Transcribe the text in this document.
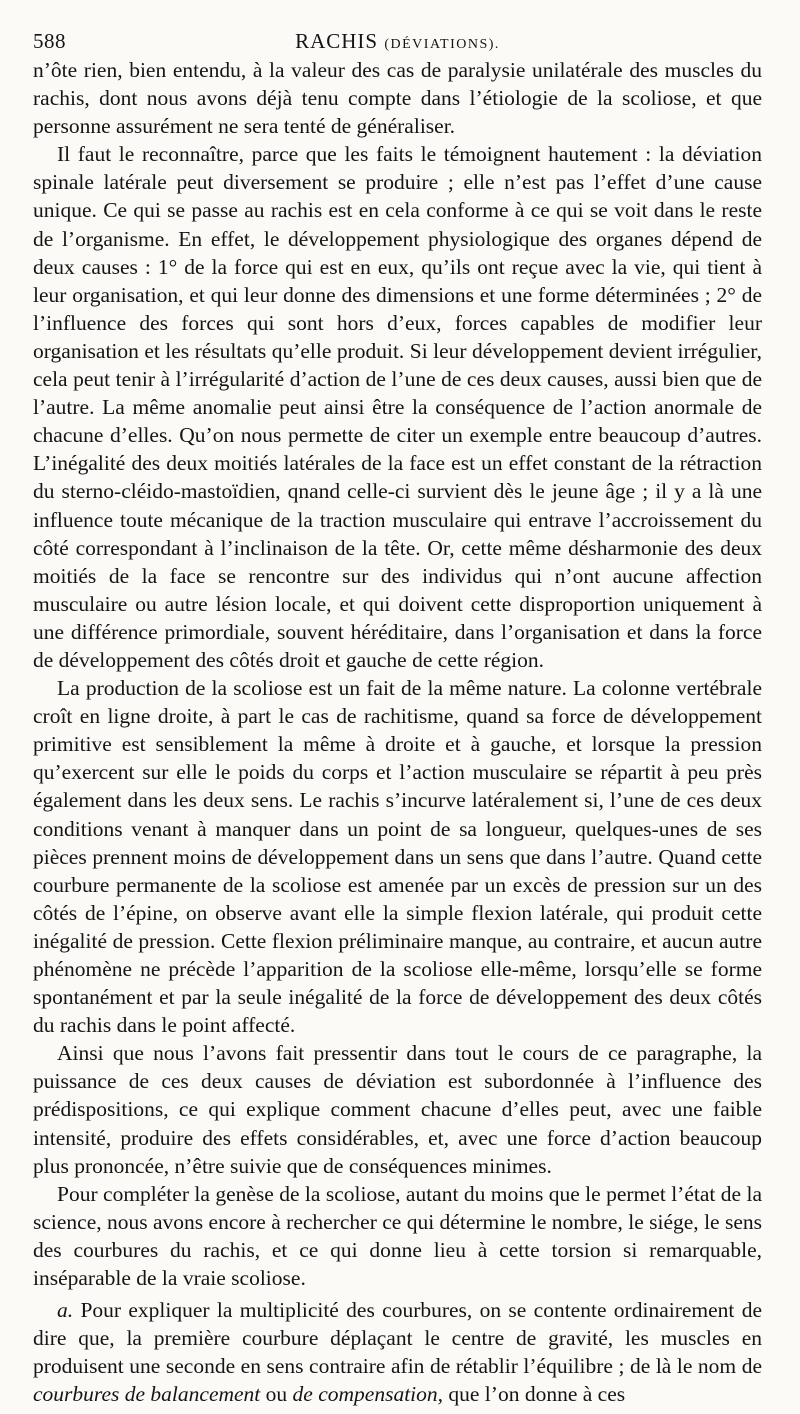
588	RACHIS (DÉVIATIONS).

n’ôte rien, bien entendu, à la valeur des cas de paralysie unilatérale des muscles du rachis, dont nous avons déjà tenu compte dans l’étiologie de la scoliose, et que personne assurément ne sera tenté de généraliser.

Il faut le reconnaître, parce que les faits le témoignent hautement : la déviation spinale latérale peut diversement se produire ; elle n’est pas l’effet d’une cause unique. Ce qui se passe au rachis est en cela conforme à ce qui se voit dans le reste de l’organisme. En effet, le développement physiologique des organes dépend de deux causes : 1° de la force qui est en eux, qu’ils ont reçue avec la vie, qui tient à leur organisation, et qui leur donne des dimensions et une forme déterminées ; 2° de l’influence des forces qui sont hors d’eux, forces capables de modifier leur organisation et les résultats qu’elle produit. Si leur développement devient irrégulier, cela peut tenir à l’irrégularité d’action de l’une de ces deux causes, aussi bien que de l’autre. La même anomalie peut ainsi être la conséquence de l’action anormale de chacune d’elles. Qu’on nous permette de citer un exemple entre beaucoup d’autres. L’inégalité des deux moitiés latérales de la face est un effet constant de la rétraction du sterno-cléido-mastoïdien, qnand celle-ci survient dès le jeune âge ; il y a là une influence toute mécanique de la traction musculaire qui entrave l’accroissement du côté correspondant à l’inclinaison de la tête. Or, cette même désharmonie des deux moitiés de la face se rencontre sur des individus qui n’ont aucune affection musculaire ou autre lésion locale, et qui doivent cette disproportion uniquement à une différence primordiale, souvent héréditaire, dans l’organisation et dans la force de développement des côtés droit et gauche de cette région.

La production de la scoliose est un fait de la même nature. La colonne vertébrale croît en ligne droite, à part le cas de rachitisme, quand sa force de développement primitive est sensiblement la même à droite et à gauche, et lorsque la pression qu’exercent sur elle le poids du corps et l’action musculaire se répartit à peu près également dans les deux sens. Le rachis s’incurve latéralement si, l’une de ces deux conditions venant à manquer dans un point de sa longueur, quelques-unes de ses pièces prennent moins de développement dans un sens que dans l’autre. Quand cette courbure permanente de la scoliose est amenée par un excès de pression sur un des côtés de l’épine, on observe avant elle la simple flexion latérale, qui produit cette inégalité de pression. Cette flexion préliminaire manque, au contraire, et aucun autre phénomène ne précède l’apparition de la scoliose elle-même, lorsqu’elle se forme spontanément et par la seule inégalité de la force de développement des deux côtés du rachis dans le point affecté.

Ainsi que nous l’avons fait pressentir dans tout le cours de ce paragraphe, la puissance de ces deux causes de déviation est subordonnée à l’influence des prédispositions, ce qui explique comment chacune d’elles peut, avec une faible intensité, produire des effets considérables, et, avec une force d’action beaucoup plus prononcée, n’être suivie que de conséquences minimes.

Pour compléter la genèse de la scoliose, autant du moins que le permet l’état de la science, nous avons encore à rechercher ce qui détermine le nombre, le siége, le sens des courbures du rachis, et ce qui donne lieu à cette torsion si remarquable, inséparable de la vraie scoliose.

a. Pour expliquer la multiplicité des courbures, on se contente ordinairement de dire que, la première courbure déplaçant le centre de gravité, les muscles en produisent une seconde en sens contraire afin de rétablir l’équilibre ; de là le nom de courbures de balancement ou de compensation, que l’on donne à ces
